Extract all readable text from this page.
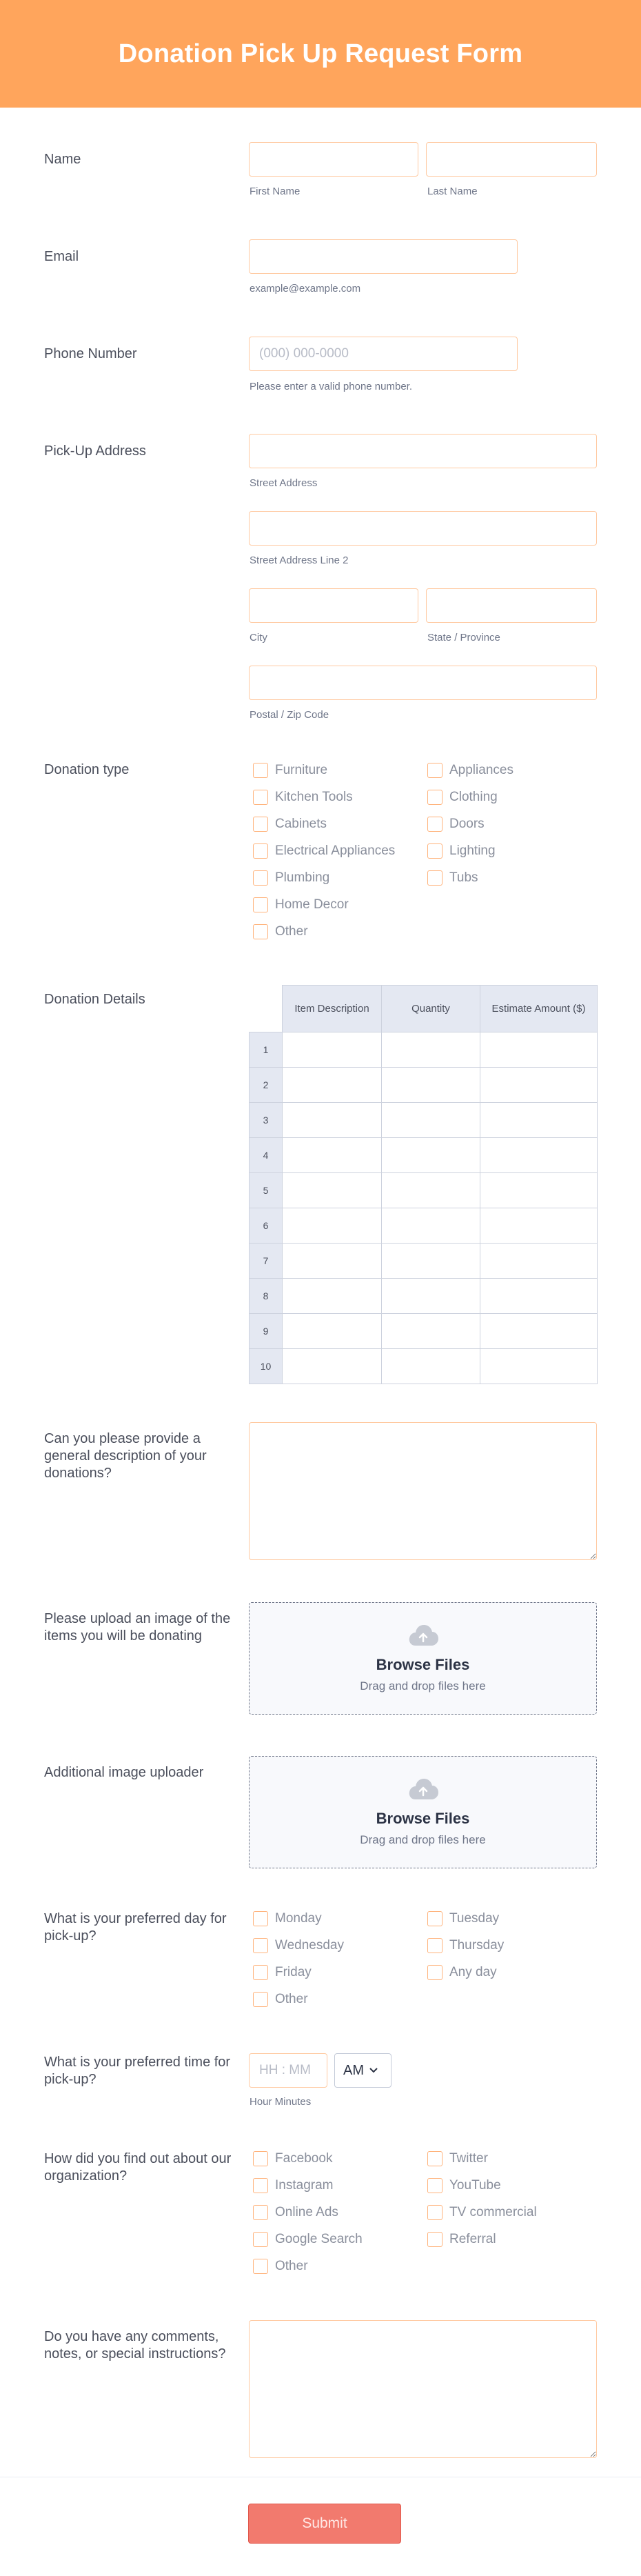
Donation Pick Up Request Form
Name
First Name	Last Name
Email
example@example.com
Phone Number
(000) 000-0000
Please enter a valid phone number.
Pick-Up Address
Street Address
Street Address Line 2
City	State / Province
Postal / Zip Code
Donation type	Furniture
Kitchen Tools
Cabinets
Electrical Appliances
Plumbing
Home Decor
Other
Appliances
Clothing
Doors
Lighting
Tubs
Donation Details
	Item Description	Quantity	Estimate Amount ($)
1			
2			
3			
4			
5			
6			
7			
8			
9			
10			
Can you please provide a general description of your donations?
Please upload an image of the items you will be donating
Browse Files
Drag and drop files here
Additional image uploader
Browse Files
Drag and drop files here
What is your preferred day for pick-up?
Monday
Wednesday
Friday
Other
Tuesday
Thursday
Any day
What is your preferred time for pick-up?
HH : MM
AM
Hour Minutes
How did you find out about our organization?
Facebook
Instagram
Online Ads
Google Search
Other
Twitter
YouTube
TV commercial
Referral
Do you have any comments, notes, or special instructions?
Submit
